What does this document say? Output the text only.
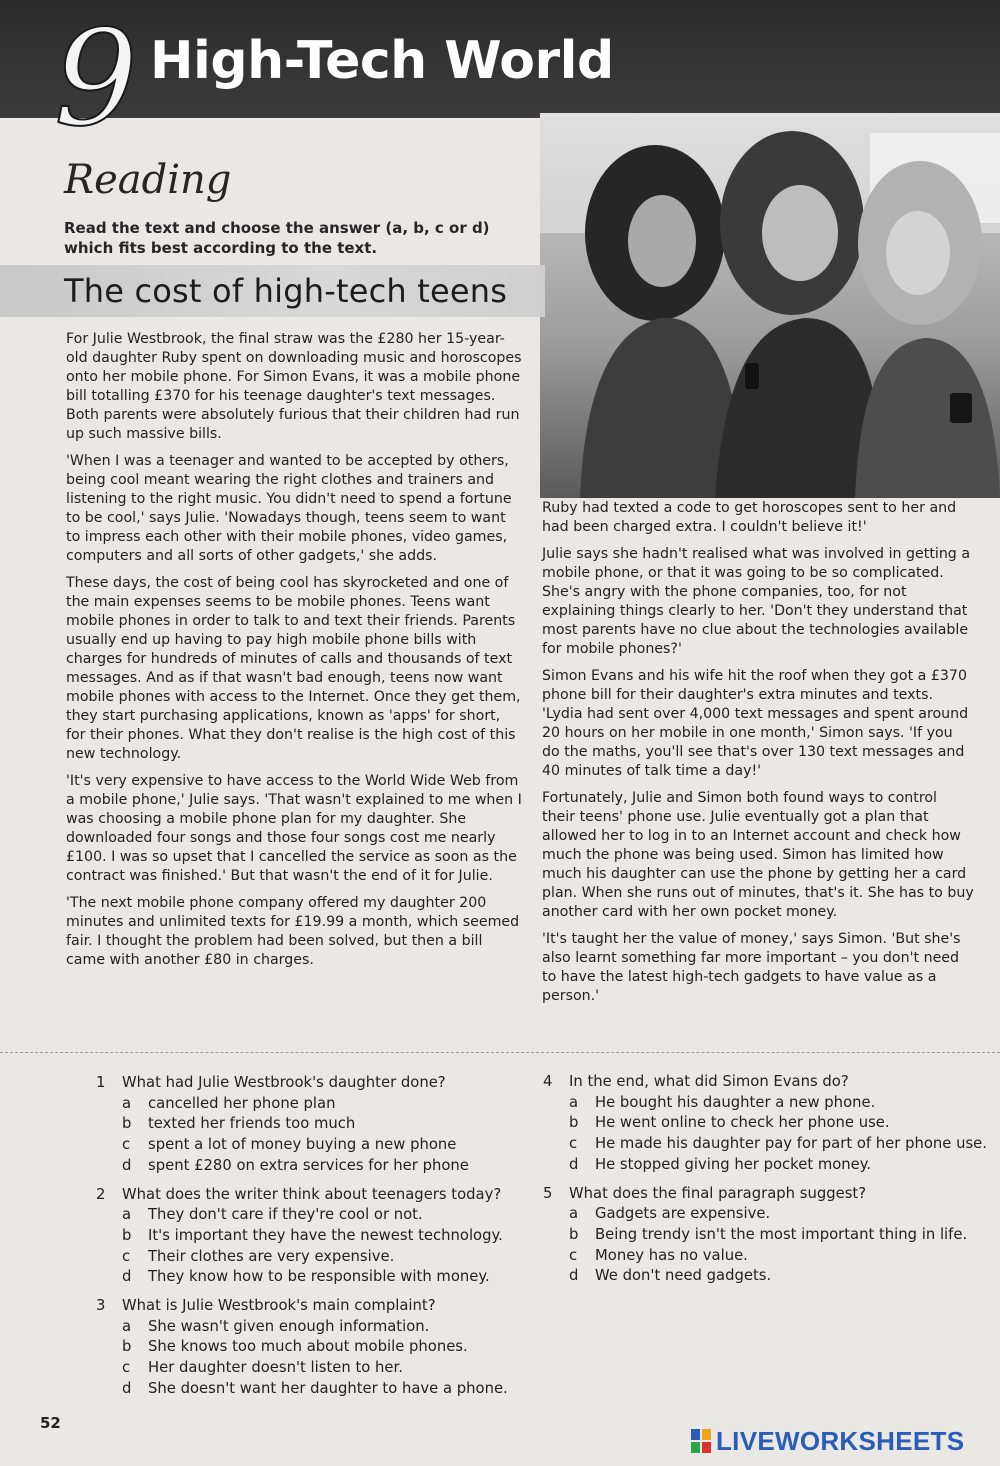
9 High-Tech World
Reading

Read the text and choose the answer (a, b, c or d) which fits best according to the text.

The cost of high-tech teens

For Julie Westbrook, the final straw was the £280 her 15-year-old daughter Ruby spent on downloading music and horoscopes onto her mobile phone. For Simon Evans, it was a mobile phone bill totalling £370 for his teenage daughter's text messages. Both parents were absolutely furious that their children had run up such massive bills.

'When I was a teenager and wanted to be accepted by others, being cool meant wearing the right clothes and trainers and listening to the right music. You didn't need to spend a fortune to be cool,' says Julie. 'Nowadays though, teens seem to want to impress each other with their mobile phones, video games, computers and all sorts of other gadgets,' she adds.

These days, the cost of being cool has skyrocketed and one of the main expenses seems to be mobile phones. Teens want mobile phones in order to talk to and text their friends. Parents usually end up having to pay high mobile phone bills with charges for hundreds of minutes of calls and thousands of text messages. And as if that wasn't bad enough, teens now want mobile phones with access to the Internet. Once they get them, they start purchasing applications, known as 'apps' for short, for their phones. What they don't realise is the high cost of this new technology.

'It's very expensive to have access to the World Wide Web from a mobile phone,' Julie says. 'That wasn't explained to me when I was choosing a mobile phone plan for my daughter. She downloaded four songs and those four songs cost me nearly £100. I was so upset that I cancelled the service as soon as the contract was finished.' But that wasn't the end of it for Julie.

'The next mobile phone company offered my daughter 200 minutes and unlimited texts for £19.99 a month, which seemed fair. I thought the problem had been solved, but then a bill came with another £80 in charges.

Ruby had texted a code to get horoscopes sent to her and had been charged extra. I couldn't believe it!'

Julie says she hadn't realised what was involved in getting a mobile phone, or that it was going to be so complicated. She's angry with the phone companies, too, for not explaining things clearly to her. 'Don't they understand that most parents have no clue about the technologies available for mobile phones?'

Simon Evans and his wife hit the roof when they got a £370 phone bill for their daughter's extra minutes and texts. 'Lydia had sent over 4,000 text messages and spent around 20 hours on her mobile in one month,' Simon says. 'If you do the maths, you'll see that's over 130 text messages and 40 minutes of talk time a day!'

Fortunately, Julie and Simon both found ways to control their teens' phone use. Julie eventually got a plan that allowed her to log in to an Internet account and check how much the phone was being used. Simon has limited how much his daughter can use the phone by getting her a card plan. When she runs out of minutes, that's it. She has to buy another card with her own pocket money.

'It's taught her the value of money,' says Simon. 'But she's also learnt something far more important – you don't need to have the latest high-tech gadgets to have value as a person.'

1	What had Julie Westbrook's daughter done?
a	cancelled her phone plan
b	texted her friends too much
c	spent a lot of money buying a new phone
d	spent £280 on extra services for her phone
2	What does the writer think about teenagers today?
a	They don't care if they're cool or not.
b	It's important they have the newest technology.
c	Their clothes are very expensive.
d	They know how to be responsible with money.
3	What is Julie Westbrook's main complaint?
a	She wasn't given enough information.
b	She knows too much about mobile phones.
c	Her daughter doesn't listen to her.
d	She doesn't want her daughter to have a phone.
4	In the end, what did Simon Evans do?
a	He bought his daughter a new phone.
b	He went online to check her phone use.
c	He made his daughter pay for part of her phone use.
d	He stopped giving her pocket money.
5	What does the final paragraph suggest?
a	Gadgets are expensive.
b	Being trendy isn't the most important thing in life.
c	Money has no value.
d	We don't need gadgets.
52
LIVEWORKSHEETS
